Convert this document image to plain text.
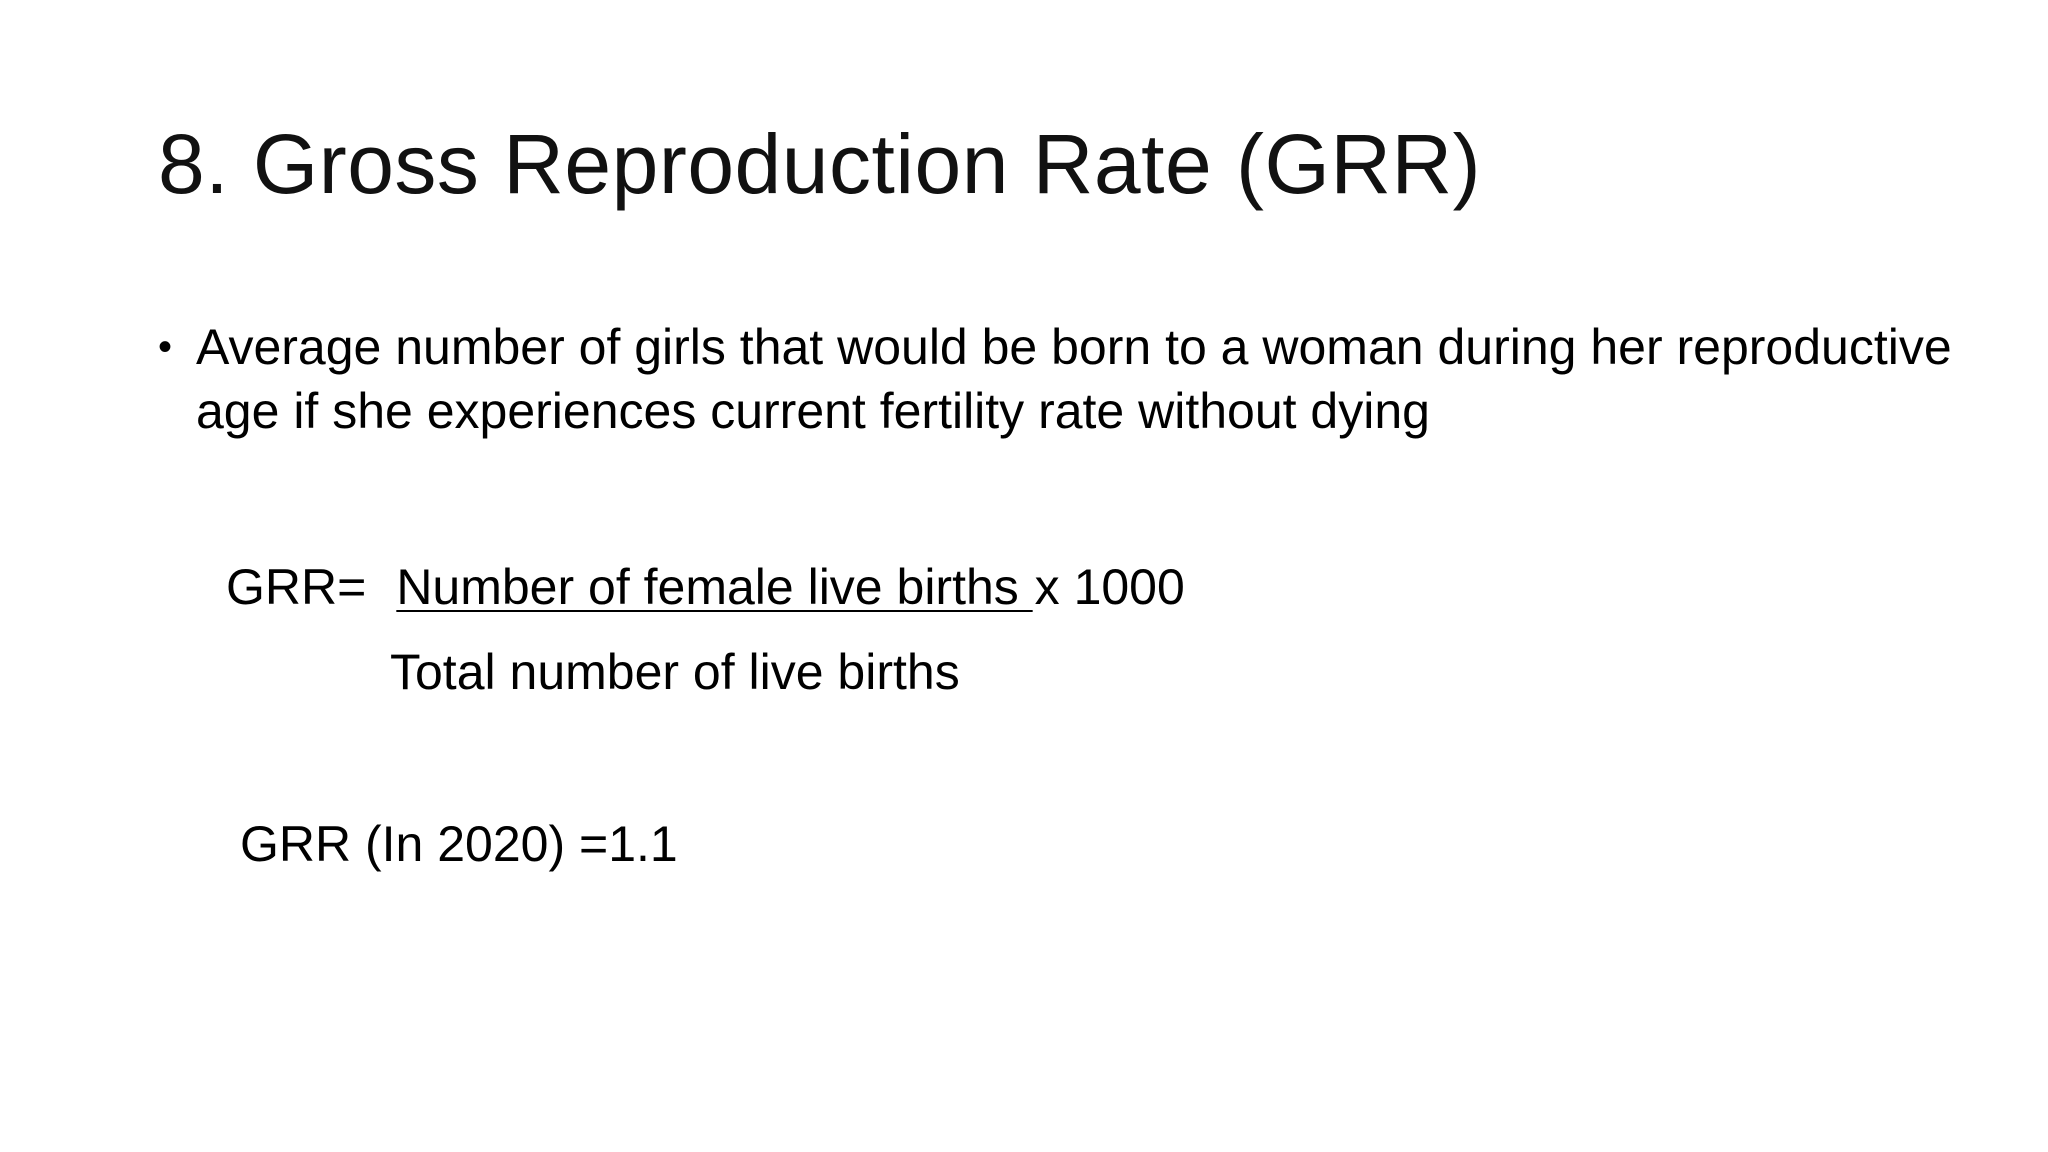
8. Gross Reproduction Rate (GRR)
• Average number of girls that would be born to a woman during her reproductive age if she experiences current fertility rate without dying

GRR= Number of female live births x 1000
Total number of live births
GRR (In 2020) =1.1
